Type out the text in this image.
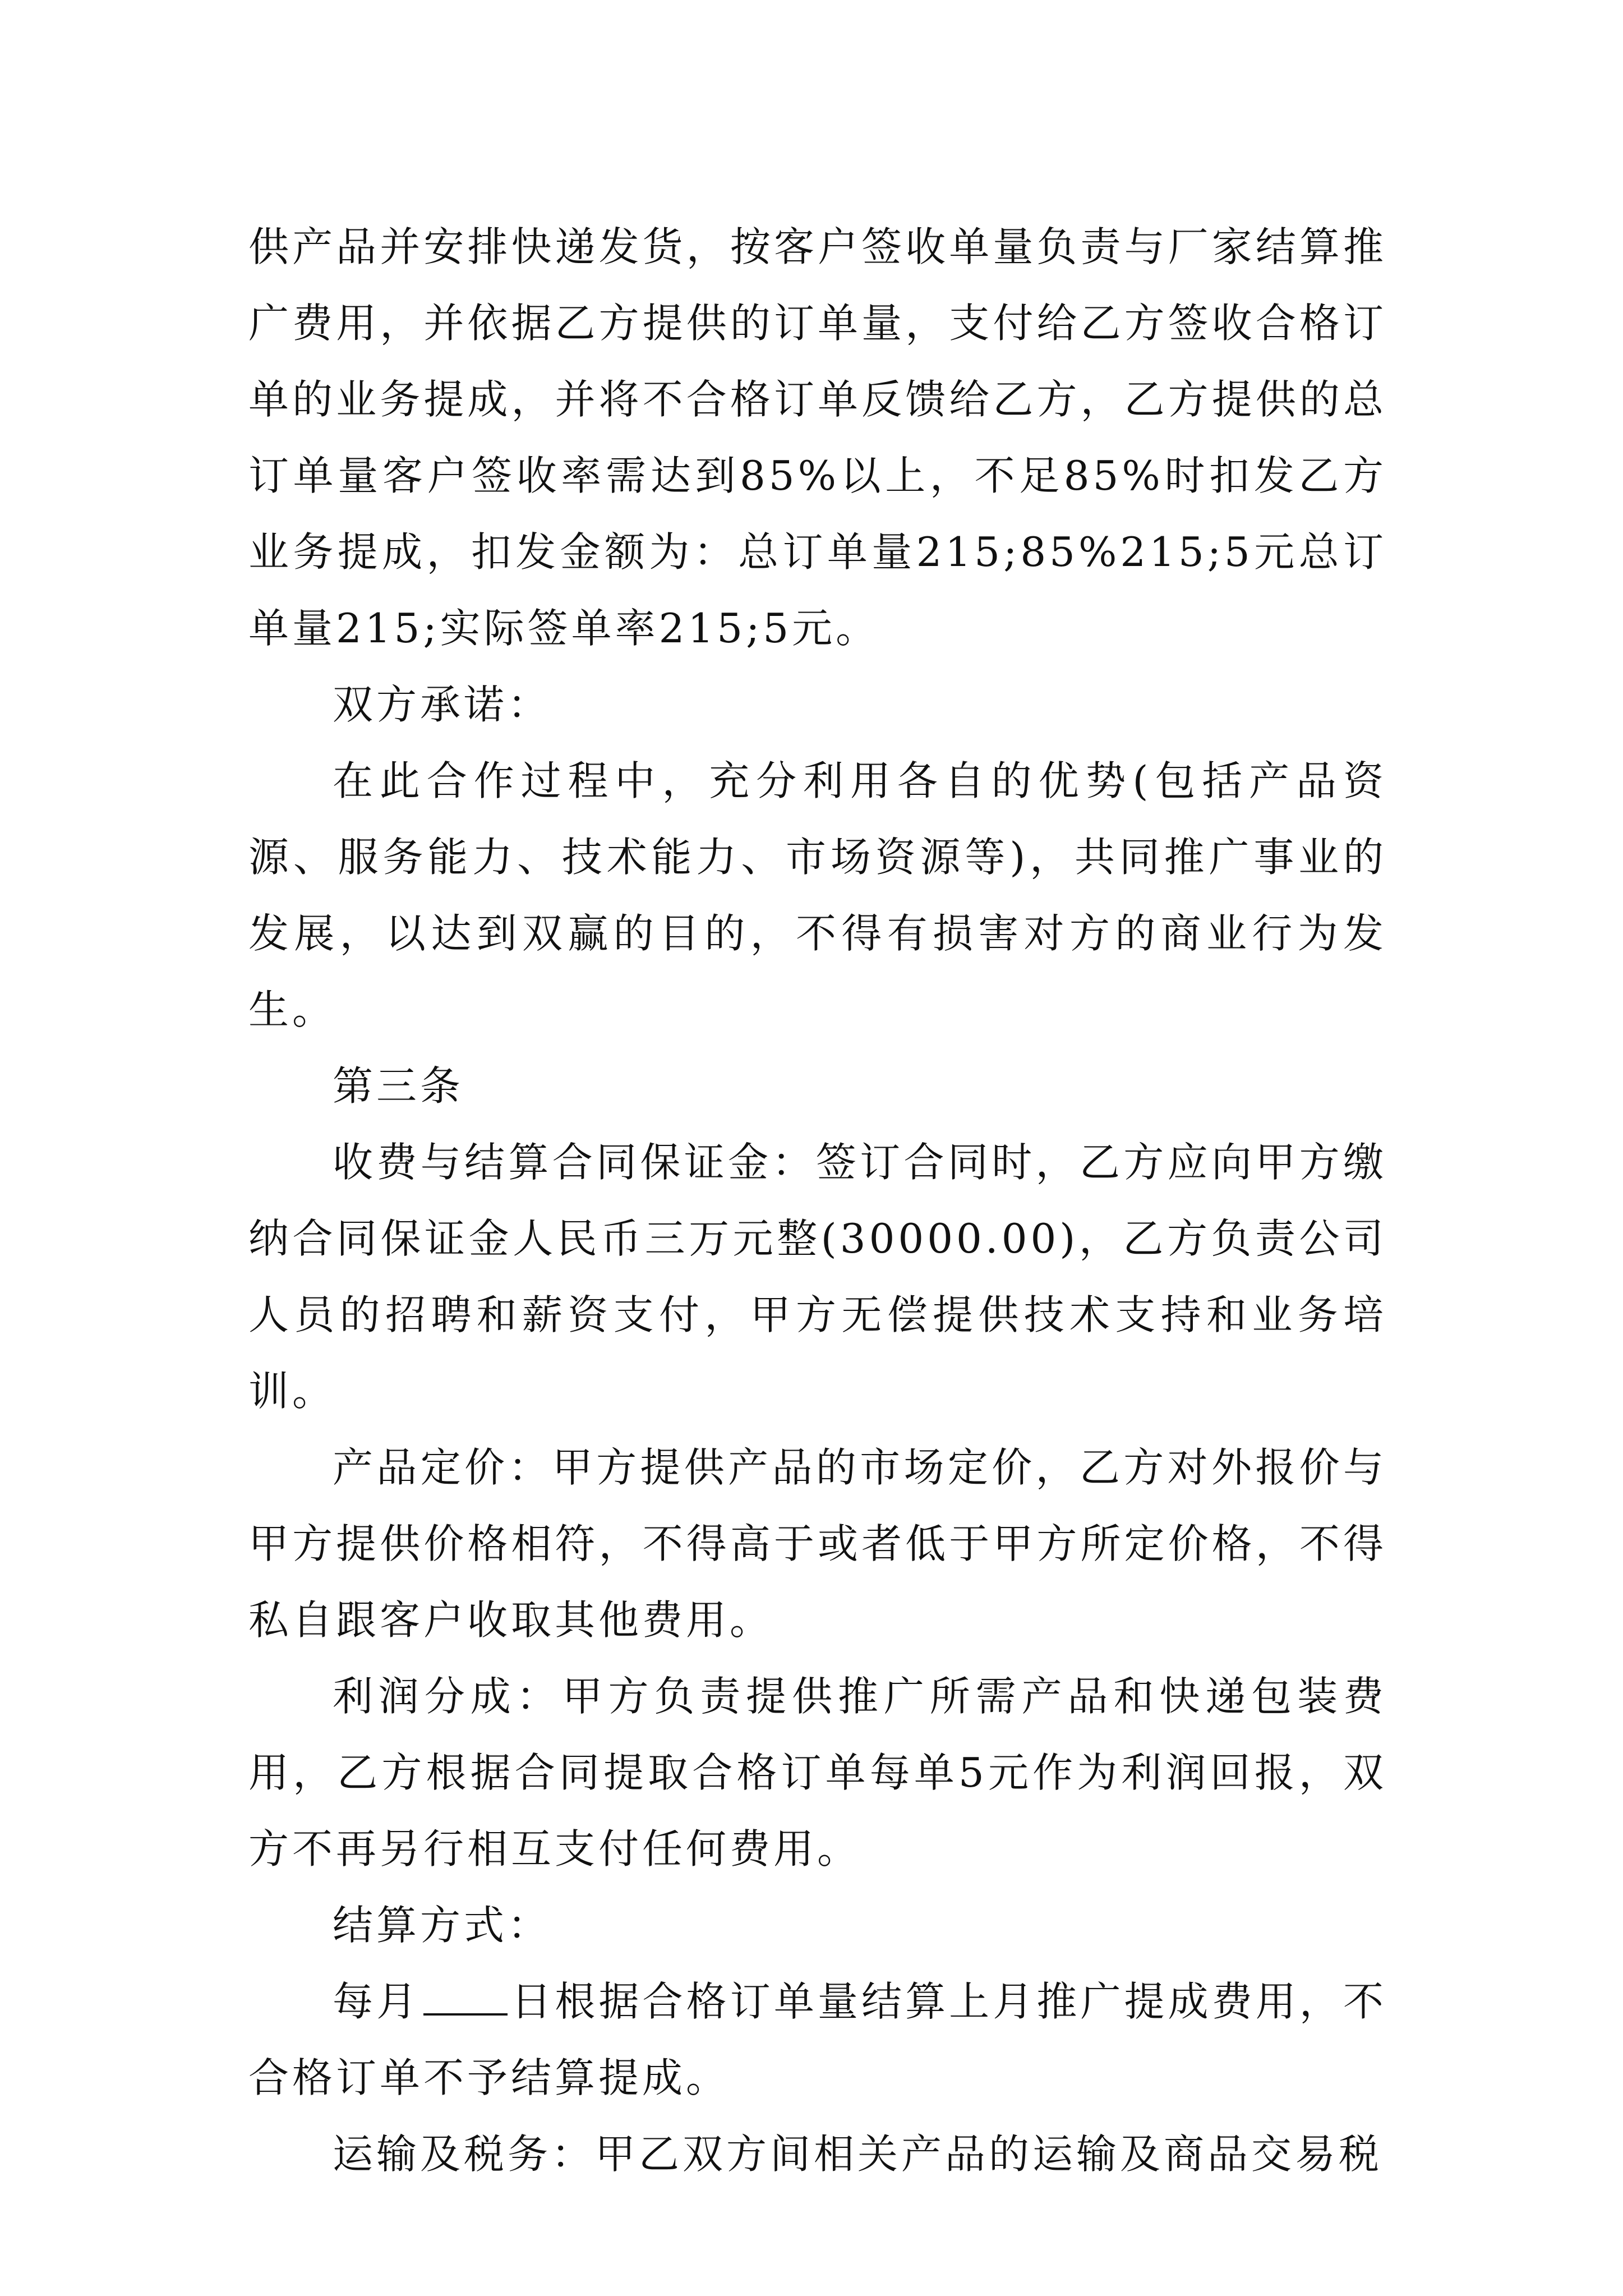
供产品并安排快递发货，按客户签收单量负责与厂家结算推广费用，并依据乙方提供的订单量，支付给乙方签收合格订单的业务提成，并将不合格订单反馈给乙方，乙方提供的总订单量客户签收率需达到85%以上，不足85%时扣发乙方业务提成，扣发金额为：总订单量215;85%215;5元总订单量215;实际签单率215;5元。

双方承诺：

在此合作过程中，充分利用各自的优势(包括产品资源、服务能力、技术能力、市场资源等)，共同推广事业的发展，以达到双赢的目的，不得有损害对方的商业行为发生。

第三条

收费与结算合同保证金：签订合同时，乙方应向甲方缴纳合同保证金人民币三万元整(30000.00)，乙方负责公司人员的招聘和薪资支付，甲方无偿提供技术支持和业务培训。

产品定价：甲方提供产品的市场定价，乙方对外报价与甲方提供价格相符，不得高于或者低于甲方所定价格，不得私自跟客户收取其他费用。

利润分成：甲方负责提供推广所需产品和快递包装费用，乙方根据合同提取合格订单每单5元作为利润回报，双方不再另行相互支付任何费用。

结算方式：

每月 日根据合格订单量结算上月推广提成费用，不合格订单不予结算提成。

运输及税务：甲乙双方间相关产品的运输及商品交易税
